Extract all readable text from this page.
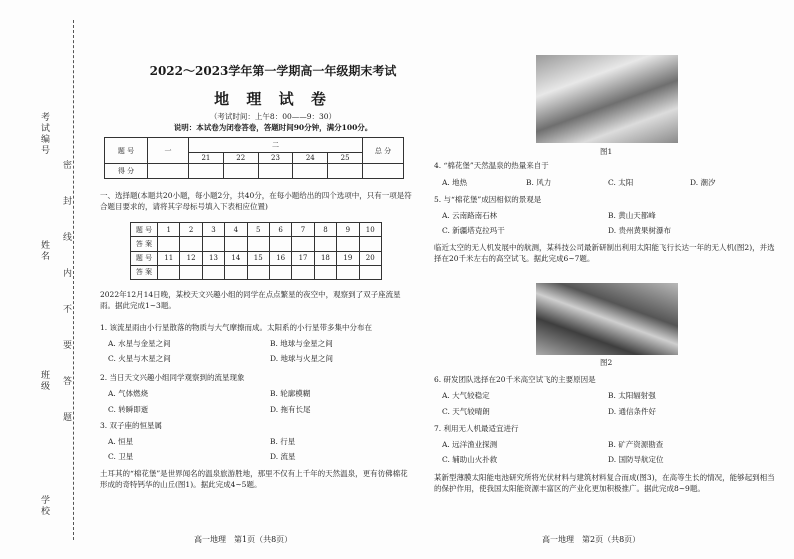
考试编号
姓名
班级
学校
密
封
线
内
不
要
答
题
2022～2023学年第一学期高一年级期末考试
地 理 试 卷
（考试时间：上午8：00——9：30）
说明：本试卷为闭卷答卷，答题时间90分钟，满分100分。
题 号	一	二					总 分
		21	22	23	24	25	
得 分							
一、选择题(本题共20小题，每小题2分，共40分，在每小题给出的四个选项中，只有一项是符合题目要求的，请将其字母标号填入下表相应位置)
题 号	1	2	3	4	5	6	7	8	9	10
答 案										
题 号	11	12	13	14	15	16	17	18	19	20
答 案										
2022年12月14日晚，某校天文兴趣小组的同学在点点繁星的夜空中，观察到了双子座流星雨。据此完成1~3题。
1. 该流星雨由小行星散落的物质与大气摩擦而成。太阳系的小行星带多集中分布在
A. 水星与金星之间	B. 地球与金星之间
C. 火星与木星之间	D. 地球与火星之间
2. 当日天文兴趣小组同学观察到的流星现象
A. 气体燃烧	B. 轮廓模糊
C. 转瞬即逝	D. 拖有长尾
3. 双子座的恒星属
A. 恒星	B. 行星
C. 卫星	D. 流星
土耳其的“棉花堡”是世界闻名的温泉旅游胜地，那里不仅有上千年的天然温泉，更有彷佛棉花形成的奇特钙华的山丘(图1)。据此完成4~5题。
高一地理　第1页（共8页）
图1
4. “棉花堡”天然温泉的热量来自于
A. 地热	B. 风力	C. 太阳	D. 潮汐
5. 与“棉花堡”成因相似的景观是
A. 云南路南石林	B. 黄山天都峰
C. 新疆塔克拉玛干	D. 贵州黄果树瀑布
临近太空的无人机发展中的航测，某科技公司最新研制出利用太阳能飞行长达一年的无人机(图2)，并选择在20千米左右的高空试飞。据此完成6~7题。
图2
6. 研发团队选择在20千米高空试飞的主要原因是
A. 大气较稳定	B. 太阳辐射强
C. 天气较晴朗	D. 通信条件好
7. 利用无人机最适宜进行
A. 远洋渔业探测	B. 矿产资源勘查
C. 辅助山火扑救	D. 国防导航定位
某新型薄膜太阳能电池研究所将光伏材料与建筑材料复合而成(图3)，在高等生长的情况，能够起到相当的保护作用，使我国太阳能资源丰富区的产业化更加积极推广。据此完成8~9题。
高一地理　第2页（共8页）
